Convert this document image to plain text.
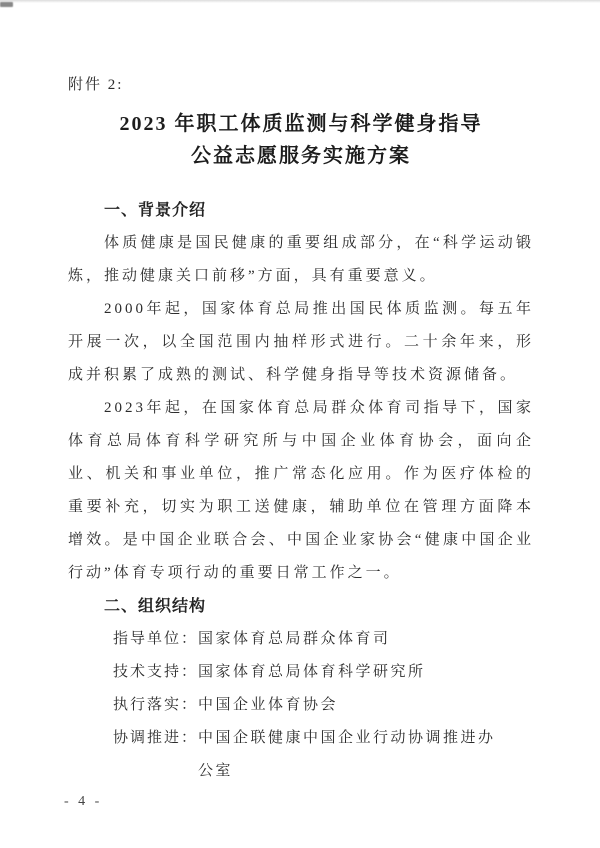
附件 2:
2023 年职工体质监测与科学健身指导
公益志愿服务实施方案
一、背景介绍

体质健康是国民健康的重要组成部分，在“科学运动锻炼，推动健康关口前移”方面，具有重要意义。

2000年起，国家体育总局推出国民体质监测。每五年开展一次，以全国范围内抽样形式进行。二十余年来，形成并积累了成熟的测试、科学健身指导等技术资源储备。

2023年起，在国家体育总局群众体育司指导下，国家体育总局体育科学研究所与中国企业体育协会，面向企业、机关和事业单位，推广常态化应用。作为医疗体检的重要补充，切实为职工送健康，辅助单位在管理方面降本增效。是中国企业联合会、中国企业家协会“健康中国企业行动”体育专项行动的重要日常工作之一。

二、组织结构
指导单位： 国家体育总局群众体育司
技术支持： 国家体育总局体育科学研究所
执行落实： 中国企业体育协会
协调推进： 中国企联健康中国企业行动协调推进办公室
- 4 -
